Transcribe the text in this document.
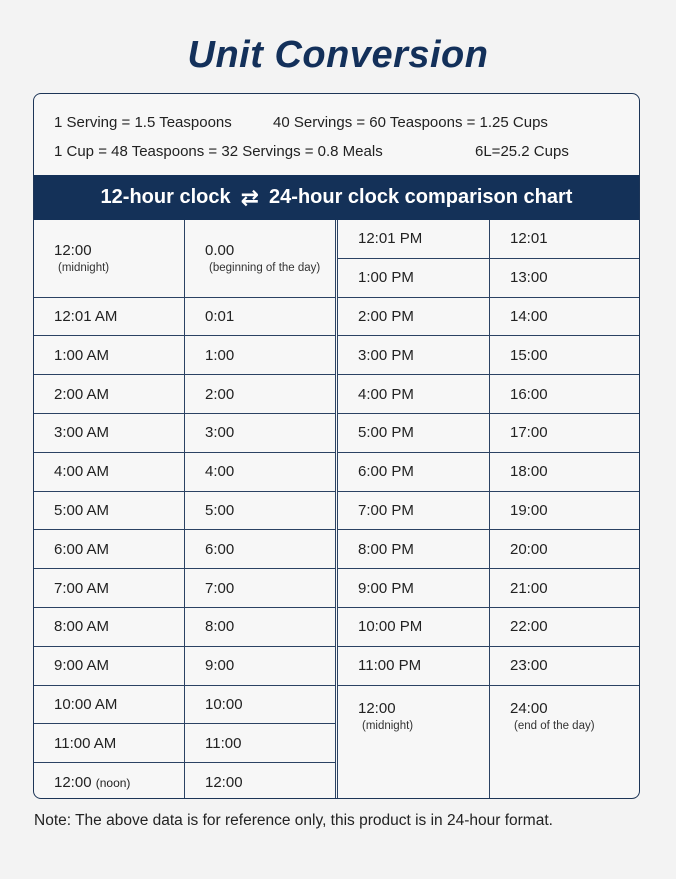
Unit Conversion
1 Serving = 1.5 Teaspoons	40 Servings = 60 Teaspoons = 1.25 Cups
1 Cup = 48 Teaspoons = 32 Servings = 0.8 Meals	6L=25.2 Cups
12-hour clock ⇄ 24-hour clock comparison chart
12:00
(midnight)
12:01 AM
1:00 AM
2:00 AM
3:00 AM
4:00 AM
5:00 AM
6:00 AM
7:00 AM
8:00 AM
9:00 AM
10:00 AM
11:00 AM
12:00 (noon)
0.00
(beginning of the day)
0:01
1:00
2:00
3:00
4:00
5:00
6:00
7:00
8:00
9:00
10:00
11:00
12:00
12:01 PM
1:00 PM
2:00 PM
3:00 PM
4:00 PM
5:00 PM
6:00 PM
7:00 PM
8:00 PM
9:00 PM
10:00 PM
11:00 PM
12:00
(midnight)
12:01
13:00
14:00
15:00
16:00
17:00
18:00
19:00
20:00
21:00
22:00
23:00
24:00
(end of the day)
Note: The above data is for reference only, this product is in 24-hour format.
